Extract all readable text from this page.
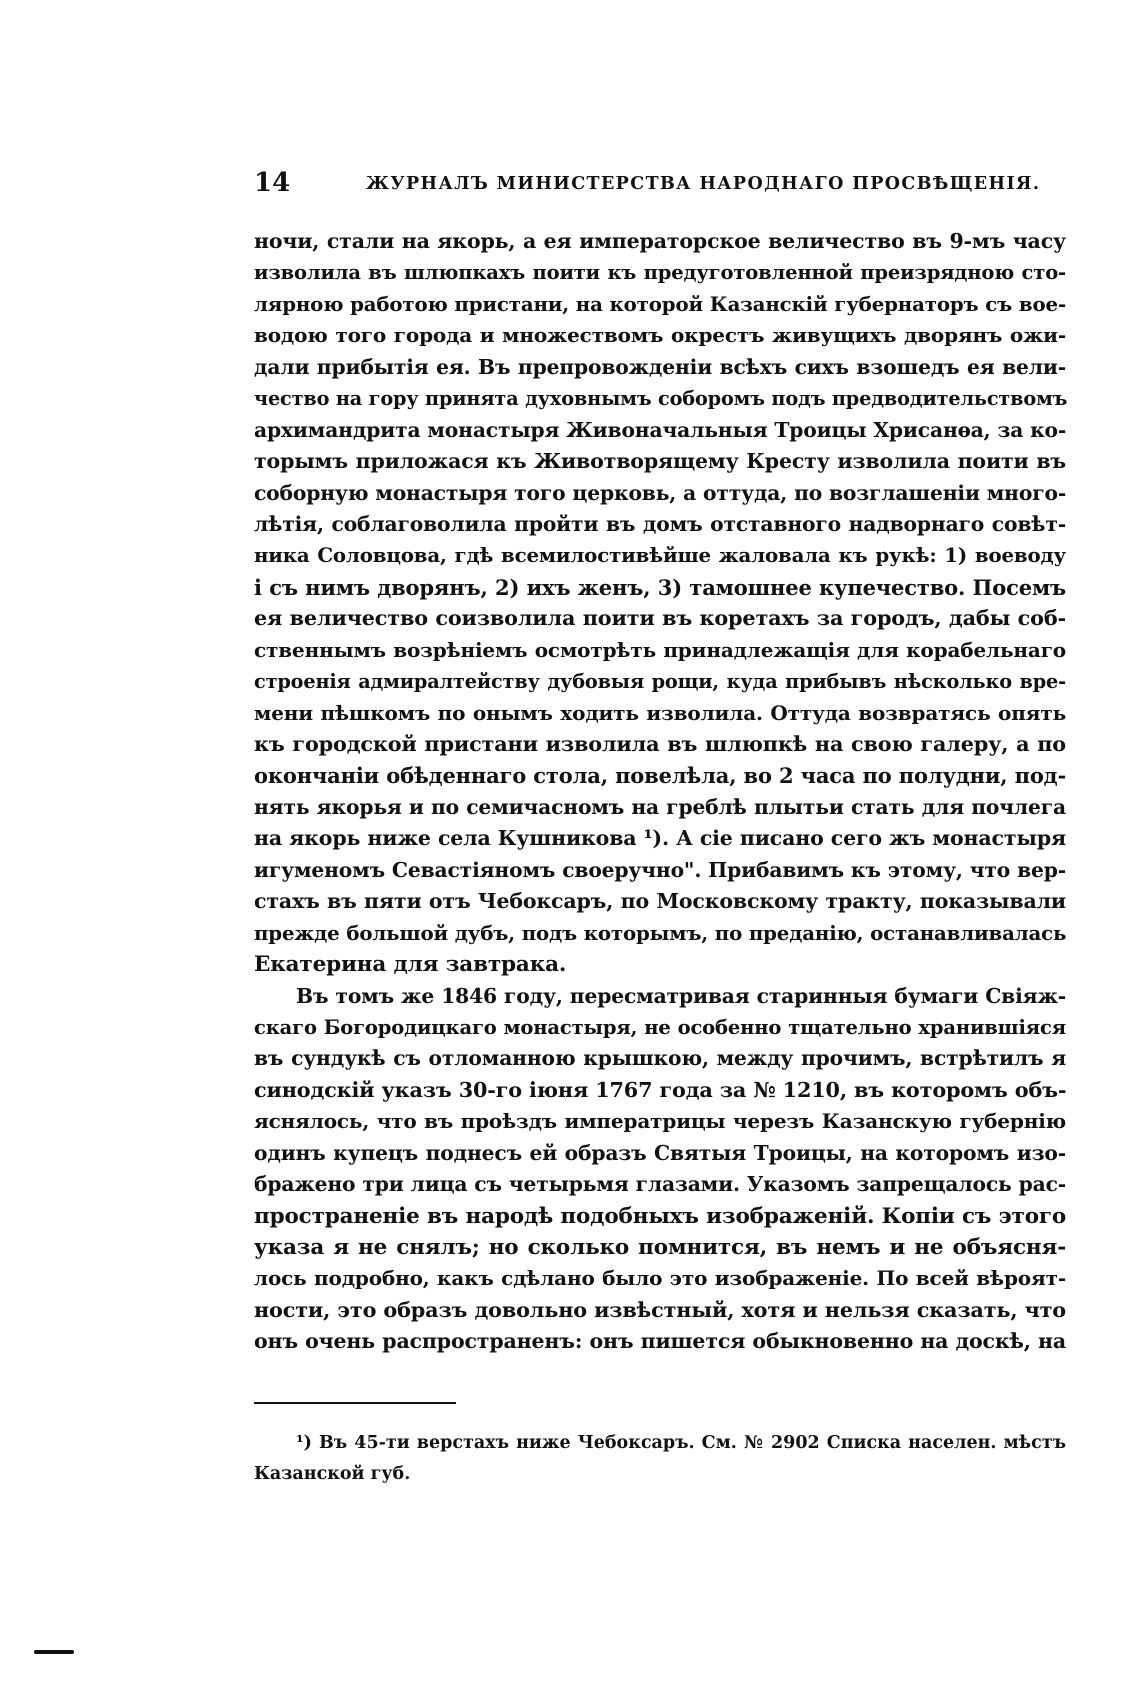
14	ЖУРНАЛЪ МИНИСТЕРСТВА НАРОДНАГО ПРОСВѢЩЕНІЯ.
ночи, стали на якорь, а ея императорское величество въ 9-мъ часу
изволила въ шлюпкахъ поити къ предуготовленной преизрядною сто-
лярною работою пристани, на которой Казанскій губернаторъ съ вое-
водою того города и множествомъ окрестъ живущихъ дворянъ ожи-
дали прибытія ея. Въ препровожденіи всѣхъ сихъ взошедъ ея вели-
чество на гору принята духовнымъ соборомъ подъ предводительствомъ
архимандрита монастыря Живоначальныя Троицы Хрисанѳа, за ко-
торымъ приложася къ Животворящему Кресту изволила поити въ
соборную монастыря того церковь, а оттуда, по возглашеніи много-
лѣтія, соблаговолила пройти въ домъ отставного надворнаго совѣт-
ника Соловцова, гдѣ всемилостивѣйше жаловала къ рукѣ: 1) воеводу
і съ нимъ дворянъ, 2) ихъ женъ, 3) тамошнее купечество. Посемъ
ея величество соизволила поити въ коретахъ за городъ, дабы соб-
ственнымъ возрѣніемъ осмотрѣть принадлежащія для корабельнаго
строенія адмиралтейству дубовыя рощи, куда прибывъ нѣсколько вре-
мени пѣшкомъ по онымъ ходить изволила. Оттуда возвратясь опять
къ городской пристани изволила въ шлюпкѣ на свою галеру, а по
окончаніи обѣденнаго стола, повелѣла, во 2 часа по полудни, под-
нять якорья и по семичасномъ на греблѣ плытьи стать для почлега
на якорь ниже села Кушникова ¹). А сіе писано сего жъ монастыря
игуменомъ Севастіяномъ своеручно". Прибавимъ къ этому, что вер-
стахъ въ пяти отъ Чебоксаръ, по Московскому тракту, показывали
прежде большой дубъ, подъ которымъ, по преданію, останавливалась
Екатерина для завтрака.
Въ томъ же 1846 году, пересматривая старинныя бумаги Свіяж-
скаго Богородицкаго монастыря, не особенно тщательно хранившіяся
въ сундукѣ съ отломанною крышкою, между прочимъ, встрѣтилъ я
синодскій указъ 30-го іюня 1767 года за № 1210, въ которомъ объ-
яснялось, что въ проѣздъ императрицы черезъ Казанскую губернію
одинъ купецъ поднесъ ей образъ Святыя Троицы, на которомъ изо-
бражено три лица съ четырьмя глазами. Указомъ запрещалось рас-
пространеніе въ народѣ подобныхъ изображеній. Копіи съ этого
указа я не снялъ; но сколько помнится, въ немъ и не объясня-
лось подробно, какъ сдѣлано было это изображеніе. По всей вѣроят-
ности, это образъ довольно извѣстный, хотя и нельзя сказать, что
онъ очень распространенъ: онъ пишется обыкновенно на доскѣ, на
¹) Въ 45-ти верстахъ ниже Чебоксаръ. См. № 2902 Списка населен. мѣстъ
Казанской губ.
